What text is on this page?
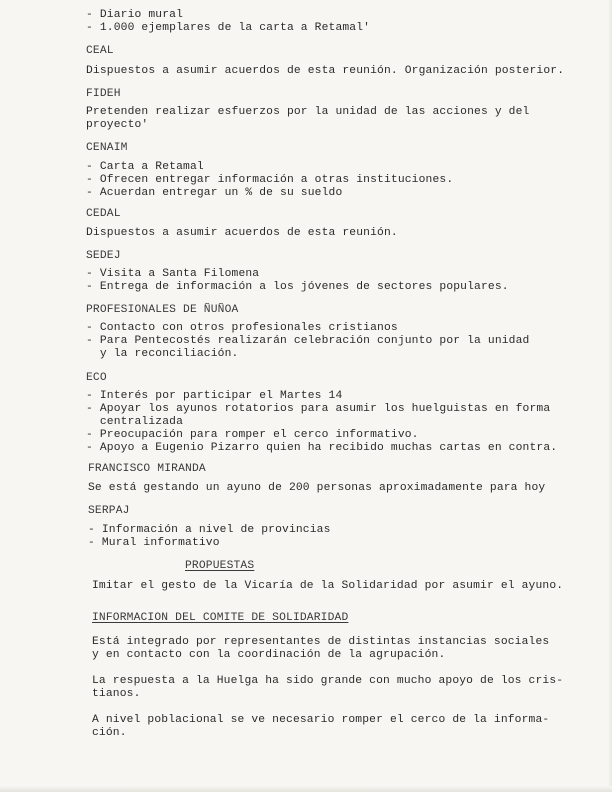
- Diario mural
- 1.000 ejemplares de la carta a Retamal'
CEAL
Dispuestos a asumir acuerdos de esta reunión. Organización posterior.
FIDEH
Pretenden realizar esfuerzos por la unidad de las acciones y del
proyecto'
CENAIM
- Carta a Retamal
- Ofrecen entregar información a otras instituciones.
- Acuerdan entregar un % de su sueldo
CEDAL
Dispuestos a asumir acuerdos de esta reunión.
SEDEJ
- Visita a Santa Filomena
- Entrega de información a los jóvenes de sectores populares.
PROFESIONALES DE ÑUÑOA
- Contacto con otros profesionales cristianos
- Para Pentecostés realizarán celebración conjunto por la unidad
y la reconciliación.
ECO
- Interés por participar el Martes 14
- Apoyar los ayunos rotatorios para asumir los huelguistas en forma
centralizada
- Preocupación para romper el cerco informativo.
- Apoyo a Eugenio Pizarro quien ha recibido muchas cartas en contra.
FRANCISCO MIRANDA
Se está gestando un ayuno de 200 personas aproximadamente para hoy
SERPAJ
- Información a nivel de provincias
- Mural informativo
PROPUESTAS
Imitar el gesto de la Vicaría de la Solidaridad por asumir el ayuno.
INFORMACION DEL COMITE DE SOLIDARIDAD
Está integrado por representantes de distintas instancias sociales
y en contacto con la coordinación de la agrupación.
La respuesta a la Huelga ha sido grande con mucho apoyo de los cris-
tianos.
A nivel poblacional se ve necesario romper el cerco de la informa-
ción.
